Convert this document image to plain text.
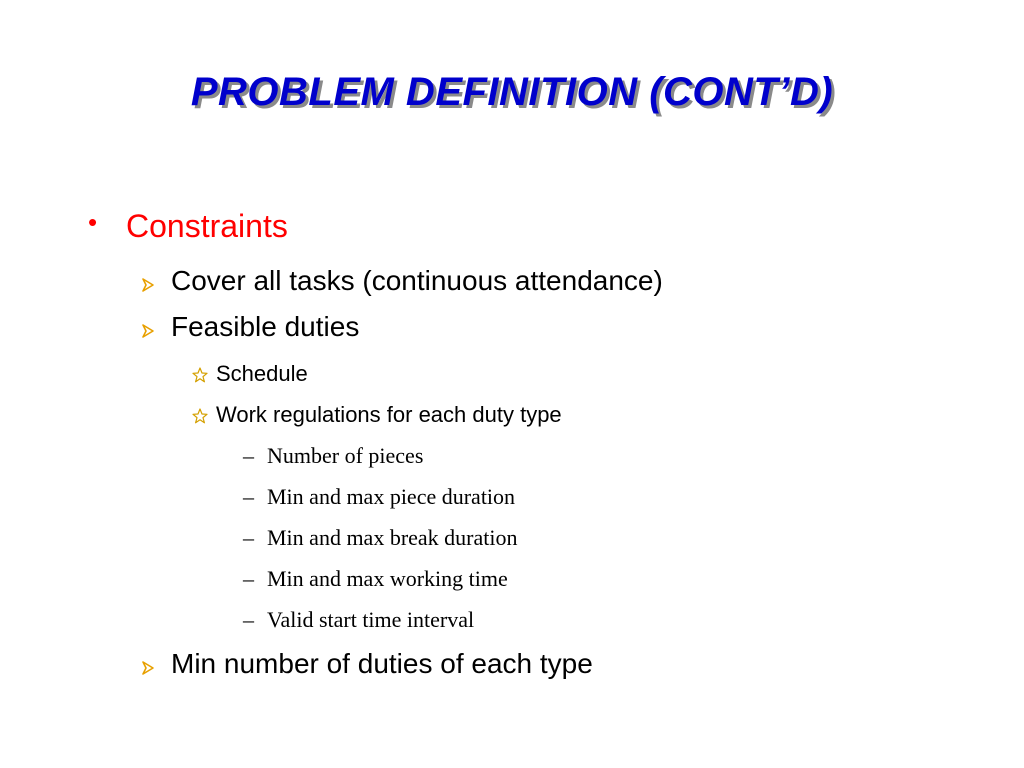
PROBLEM DEFINITION (CONT’D)
• Constraints
Cover all tasks (continuous attendance)
Feasible duties
Schedule
Work regulations for each duty type
– Number of pieces
– Min and max piece duration
– Min and max break duration
– Min and max working time
– Valid start time interval
Min number of duties of each type
